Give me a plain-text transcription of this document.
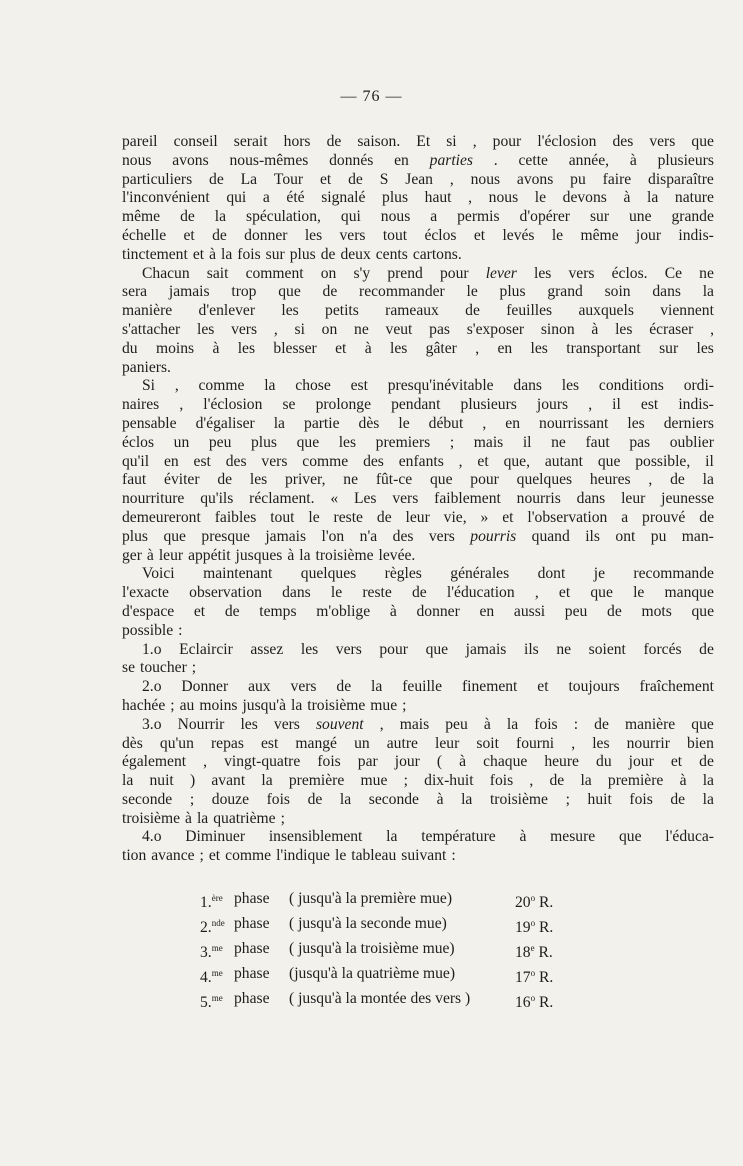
— 76 —
pareil conseil serait hors de saison. Et si , pour l'éclosion des vers que
nous avons nous-mêmes donnés en parties . cette année, à plusieurs
particuliers de La Tour et de S Jean , nous avons pu faire disparaître
l'inconvénient qui a été signalé plus haut , nous le devons à la nature
même de la spéculation, qui nous a permis d'opérer sur une grande
échelle et de donner les vers tout éclos et levés le même jour indis-
tinctement et à la fois sur plus de deux cents cartons.
Chacun sait comment on s'y prend pour lever les vers éclos. Ce ne
sera jamais trop que de recommander le plus grand soin dans la
manière d'enlever les petits rameaux de feuilles auxquels viennent
s'attacher les vers , si on ne veut pas s'exposer sinon à les écraser ,
du moins à les blesser et à les gâter , en les transportant sur les
paniers.
Si , comme la chose est presqu'inévitable dans les conditions ordi-
naires , l'éclosion se prolonge pendant plusieurs jours , il est indis-
pensable d'égaliser la partie dès le début , en nourrissant les derniers
éclos un peu plus que les premiers ; mais il ne faut pas oublier
qu'il en est des vers comme des enfants , et que, autant que possible, il
faut éviter de les priver, ne fût-ce que pour quelques heures , de la
nourriture qu'ils réclament. « Les vers faiblement nourris dans leur jeunesse
demeureront faibles tout le reste de leur vie, » et l'observation a prouvé de
plus que presque jamais l'on n'a des vers pourris quand ils ont pu man-
ger à leur appétit jusques à la troisième levée.
Voici maintenant quelques règles générales dont je recommande
l'exacte observation dans le reste de l'éducation , et que le manque
d'espace et de temps m'oblige à donner en aussi peu de mots que
possible :
1.o Eclaircir assez les vers pour que jamais ils ne soient forcés de
se toucher ;
2.o Donner aux vers de la feuille finement et toujours fraîchement
hachée ; au moins jusqu'à la troisième mue ;
3.o Nourrir les vers souvent , mais peu à la fois : de manière que
dès qu'un repas est mangé un autre leur soit fourni , les nourrir bien
également , vingt-quatre fois par jour ( à chaque heure du jour et de
la nuit ) avant la première mue ; dix-huit fois , de la première à la
seconde ; douze fois de la seconde à la troisième ; huit fois de la
troisième à la quatrième ;
4.o Diminuer insensiblement la température à mesure que l'éduca-
tion avance ; et comme l'indique le tableau suivant :
1.$^{ère}$ phase	( jusqu'à la première mue)	20$^o$ R.
2.$^{nde}$ phase	( jusqu'à la seconde mue)	19$^o$ R.
3.$^{me}$ phase	( jusqu'à la troisième mue)	18e R.
4.$^{me}$ phase	(jusqu'à la quatrième mue)	17$^o$ R.
5.$^{me}$ phase	( jusqu'à la montée des vers )	16$^o$ R.
